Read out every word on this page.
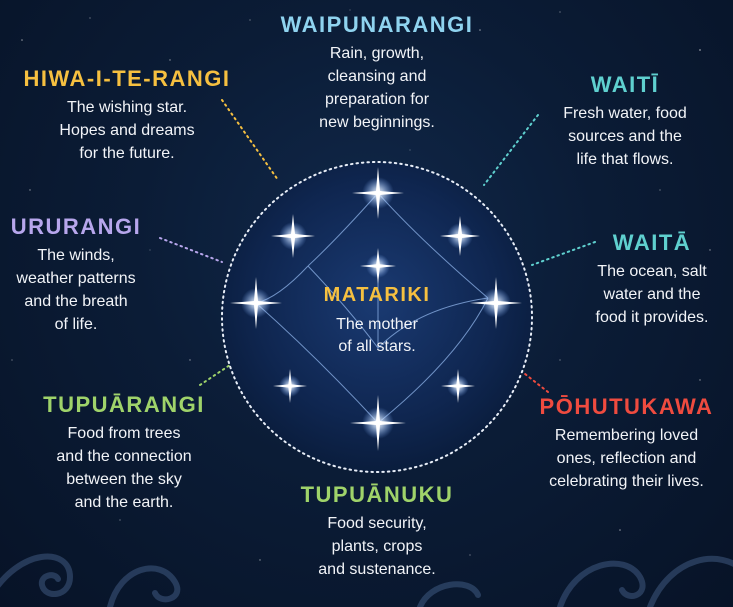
MATARIKI
The mother
of all stars.
WAIPUNARANGI
Rain, growth,
cleansing and
preparation for
new beginnings.
HIWA-I-TE-RANGI
The wishing star.
Hopes and dreams
for the future.
WAITĪ
Fresh water, food
sources and the
life that flows.
URURANGI
The winds,
weather patterns
and the breath
of life.
WAITĀ
The ocean, salt
water and the
food it provides.
TUPUĀRANGI
Food from trees
and the connection
between the sky
and the earth.
PŌHUTUKAWA
Remembering loved
ones, reflection and
celebrating their lives.
TUPUĀNUKU
Food security,
plants, crops
and sustenance.
